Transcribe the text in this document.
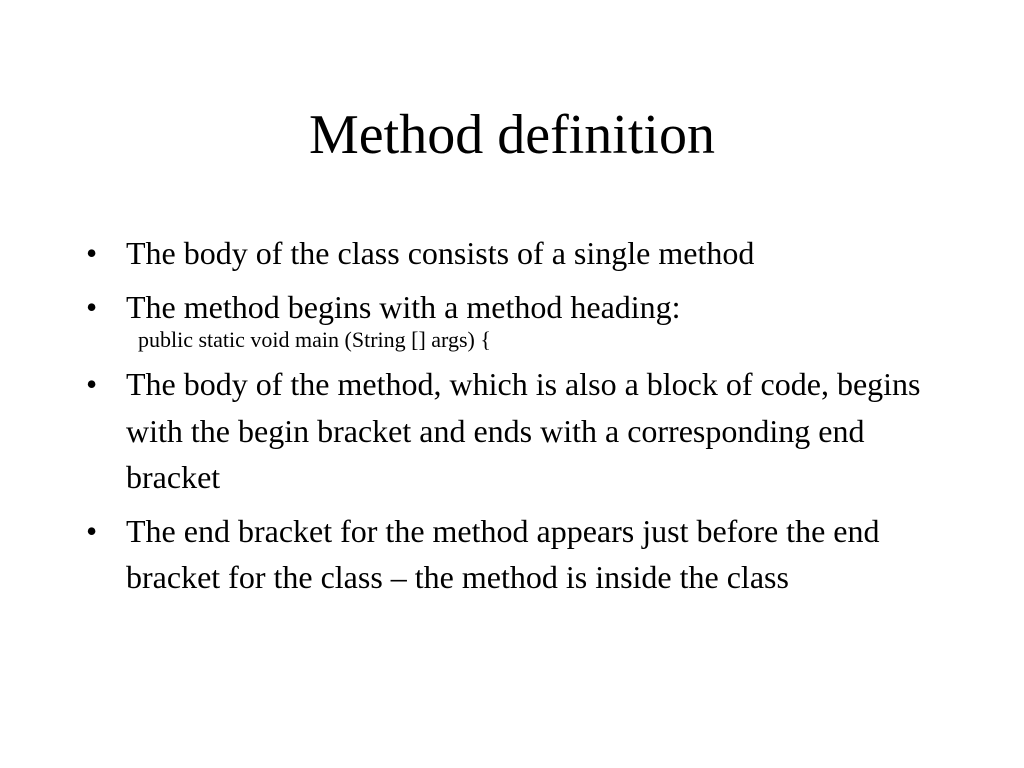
Method definition
• The body of the class consists of a single method
• The method begins with a method heading:
public static void main (String [] args) {
• The body of the method, which is also a block of code, begins with the begin bracket and ends with a corresponding end bracket
• The end bracket for the method appears just before the end bracket for the class – the method is inside the class
